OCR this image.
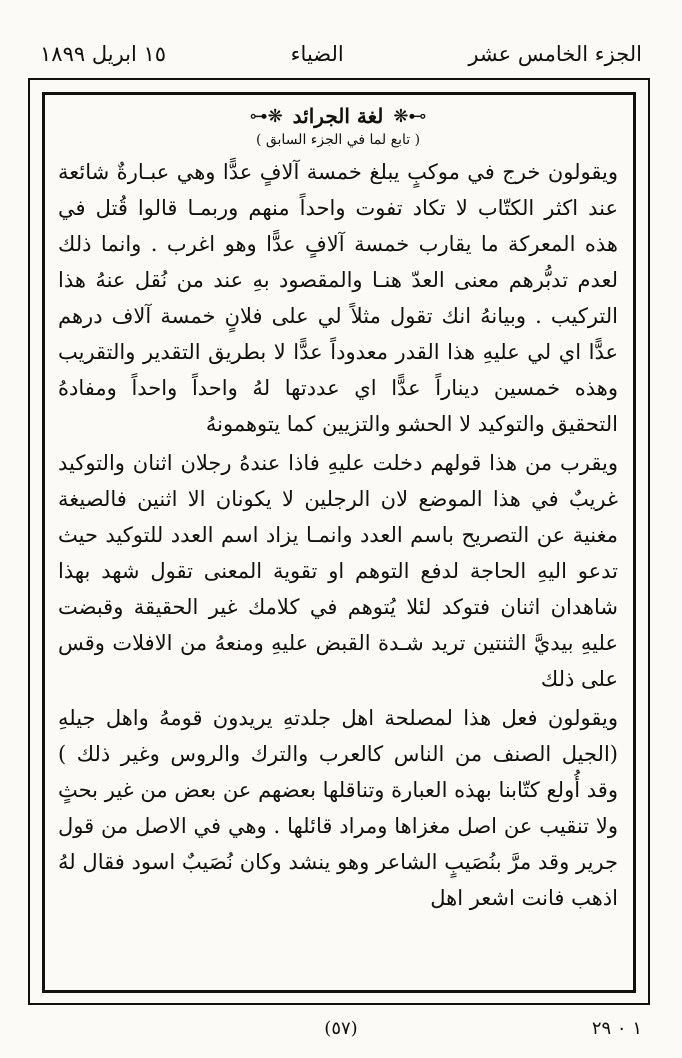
الجزء الخامس عشر
الضياء
١٥ ابريل ١٨٩٩
⊶❋
لغة الجرائد
❋⊷
( تابع لما في الجزء السابق )

ويقولون خرج في موكبٍ يبلغ خمسة آلافٍ عدًّا وهي عبـارةٌ شائعة عند اكثر الكتّاب لا تكاد تفوت واحداً منهم وربمـا قالوا قُتل في هذه المعركة ما يقارب خمسة آلافٍ عدًّا وهو اغرب . وانما ذلك لعدم تدبُّرهم معنى العدّ هنـا والمقصود بهِ عند من نُقل عنهُ هذا التركيب . وبيانهُ انك تقول مثلاً لي على فلانٍ خمسة آلاف درهم عدًّا اي لي عليهِ هذا القدر معدوداً عدًّا لا بطريق التقدير والتقريب وهذه خمسين ديناراً عدًّا اي عددتها لهُ واحداً واحداً ومفادهُ التحقيق والتوكيد لا الحشو والتزيين كما يتوهمونهُ

ويقرب من هذا قولهم دخلت عليهِ فاذا عندهُ رجلان اثنان والتوكيد غريبٌ في هذا الموضع لان الرجلين لا يكونان الا اثنين فالصيغة مغنية عن التصريح باسم العدد وانمـا يزاد اسم العدد للتوكيد حيث تدعو اليهِ الحاجة لدفع التوهم او تقوية المعنى تقول شهد بهذا شاهدان اثنان فتوكد لئلا يُتوهم في كلامك غير الحقيقة وقبضت عليهِ بيديَّ الثنتين تريد شـدة القبض عليهِ ومنعهُ من الافلات وقس على ذلك

ويقولون فعل هذا لمصلحة اهل جلدتهِ يريدون قومهُ واهل جيلهِ (الجيل الصنف من الناس كالعرب والترك والروس وغير ذلك ) وقد أُولع كتّابنا بهذه العبارة وتناقلها بعضهم عن بعض من غير بحثٍ ولا تنقيب عن اصل مغزاها ومراد قائلها . وهي في الاصل من قول جرير وقد مرَّ بنُصَيبٍ الشاعر وهو ينشد وكان نُصَيبٌ اسود فقال لهُ اذهب فانت اشعر اهل

(٥٧)	١ ٠ ٢٩
